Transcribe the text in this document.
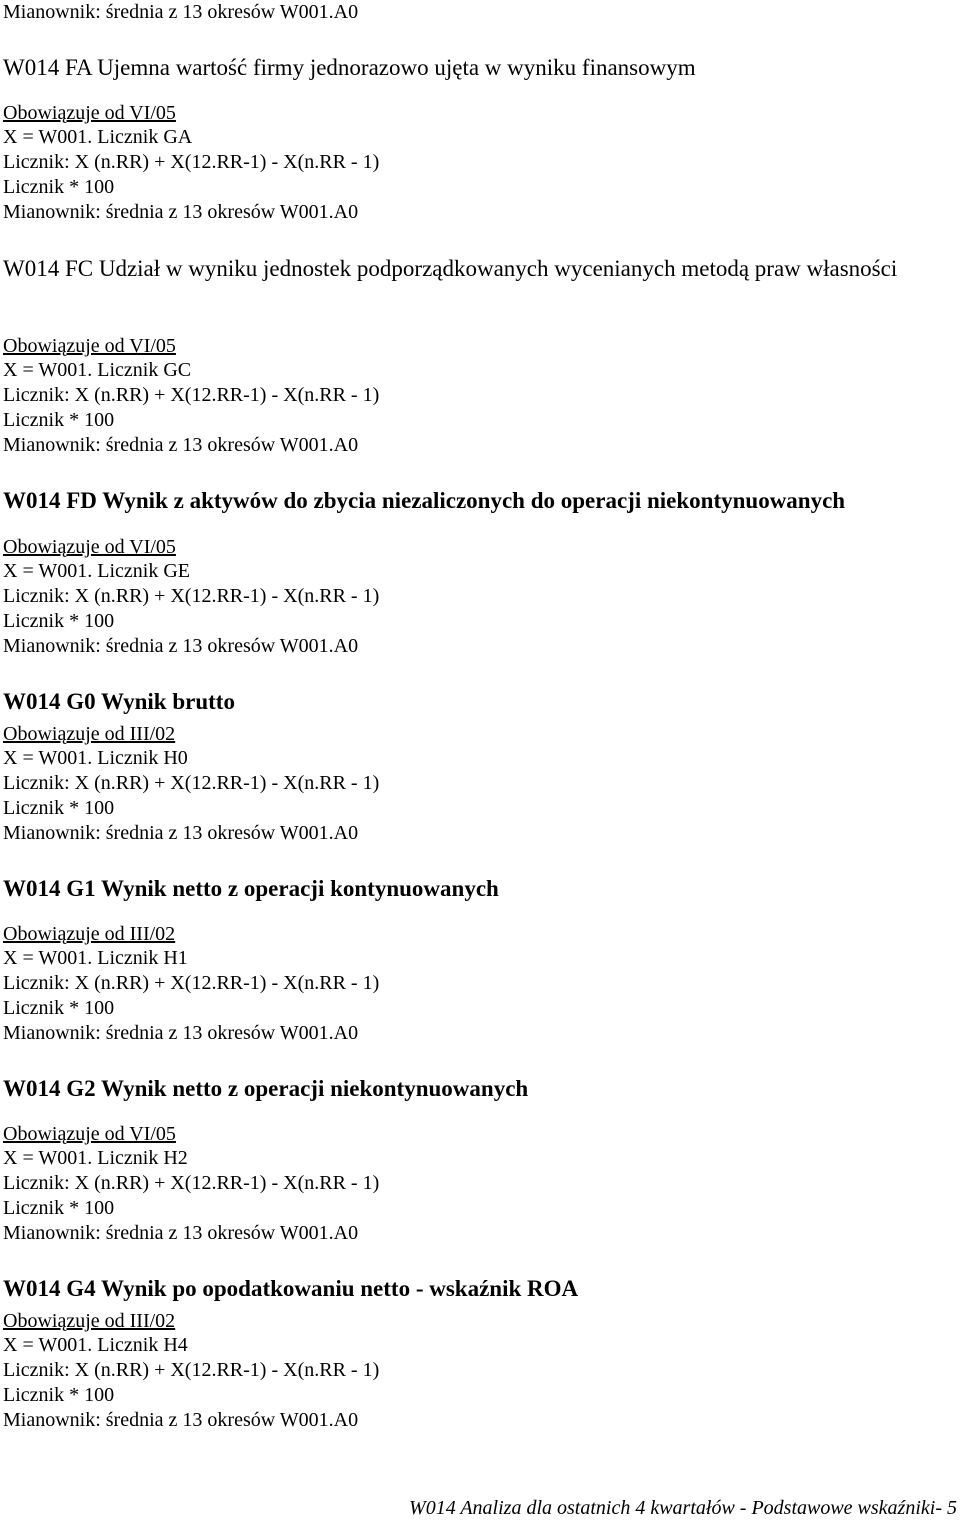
Mianownik: średnia z 13 okresów W001.A0
W014 FA Ujemna wartość firmy jednorazowo ujęta w wyniku finansowym
Obowiązuje od VI/05
X = W001. Licznik GA
Licznik: X (n.RR) + X(12.RR-1) - X(n.RR - 1)
Licznik * 100
Mianownik: średnia z 13 okresów W001.A0
W014 FC Udział w wyniku jednostek podporządkowanych wycenianych metodą praw własności
Obowiązuje od VI/05
X = W001. Licznik GC
Licznik: X (n.RR) + X(12.RR-1) - X(n.RR - 1)
Licznik * 100
Mianownik: średnia z 13 okresów W001.A0
W014 FD Wynik z aktywów do zbycia niezaliczonych do operacji niekontynuowanych
Obowiązuje od VI/05
X = W001. Licznik GE
Licznik: X (n.RR) + X(12.RR-1) - X(n.RR - 1)
Licznik * 100
Mianownik: średnia z 13 okresów W001.A0
W014 G0 Wynik brutto
Obowiązuje od III/02
X = W001. Licznik H0
Licznik: X (n.RR) + X(12.RR-1) - X(n.RR - 1)
Licznik * 100
Mianownik: średnia z 13 okresów W001.A0
W014 G1 Wynik netto z operacji kontynuowanych
Obowiązuje od III/02
X = W001. Licznik H1
Licznik: X (n.RR) + X(12.RR-1) - X(n.RR - 1)
Licznik * 100
Mianownik: średnia z 13 okresów W001.A0
W014 G2 Wynik netto z operacji niekontynuowanych
Obowiązuje od VI/05
X = W001. Licznik H2
Licznik: X (n.RR) + X(12.RR-1) - X(n.RR - 1)
Licznik * 100
Mianownik: średnia z 13 okresów W001.A0
W014 G4 Wynik po opodatkowaniu netto - wskaźnik ROA
Obowiązuje od III/02
X = W001. Licznik H4
Licznik: X (n.RR) + X(12.RR-1) - X(n.RR - 1)
Licznik * 100
Mianownik: średnia z 13 okresów W001.A0
W014 Analiza dla ostatnich 4 kwartałów - Podstawowe wskaźniki- 5
